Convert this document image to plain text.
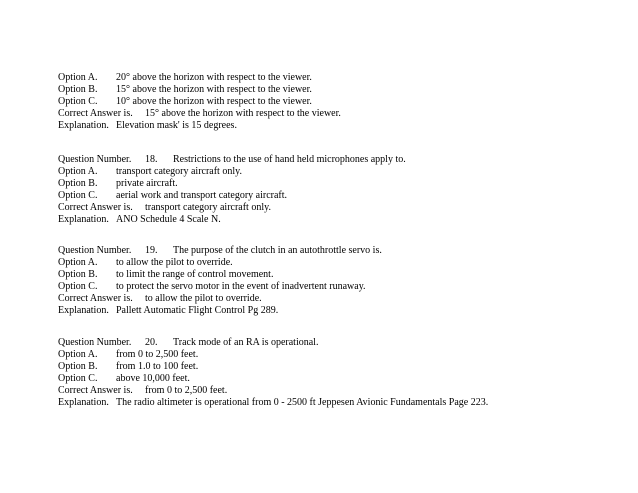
Option A. 20° above the horizon with respect to the viewer.
Option B. 15° above the horizon with respect to the viewer.
Option C. 10° above the horizon with respect to the viewer.
Correct Answer is. 15° above the horizon with respect to the viewer.
Explanation. Elevation mask' is 15 degrees.
Question Number. 18. Restrictions to the use of hand held microphones apply to.
Option A. transport category aircraft only.
Option B. private aircraft.
Option C. aerial work and transport category aircraft.
Correct Answer is. transport category aircraft only.
Explanation. ANO Schedule 4 Scale N.
Question Number. 19. The purpose of the clutch in an autothrottle servo is.
Option A. to allow the pilot to override.
Option B. to limit the range of control movement.
Option C. to protect the servo motor in the event of inadvertent runaway.
Correct Answer is. to allow the pilot to override.
Explanation. Pallett Automatic Flight Control Pg 289.
Question Number. 20. Track mode of an RA is operational.
Option A. from 0 to 2,500 feet.
Option B. from 1.0 to 100 feet.
Option C. above 10,000 feet.
Correct Answer is. from 0 to 2,500 feet.
Explanation. The radio altimeter is operational from 0 - 2500 ft Jeppesen Avionic Fundamentals Page 223.
